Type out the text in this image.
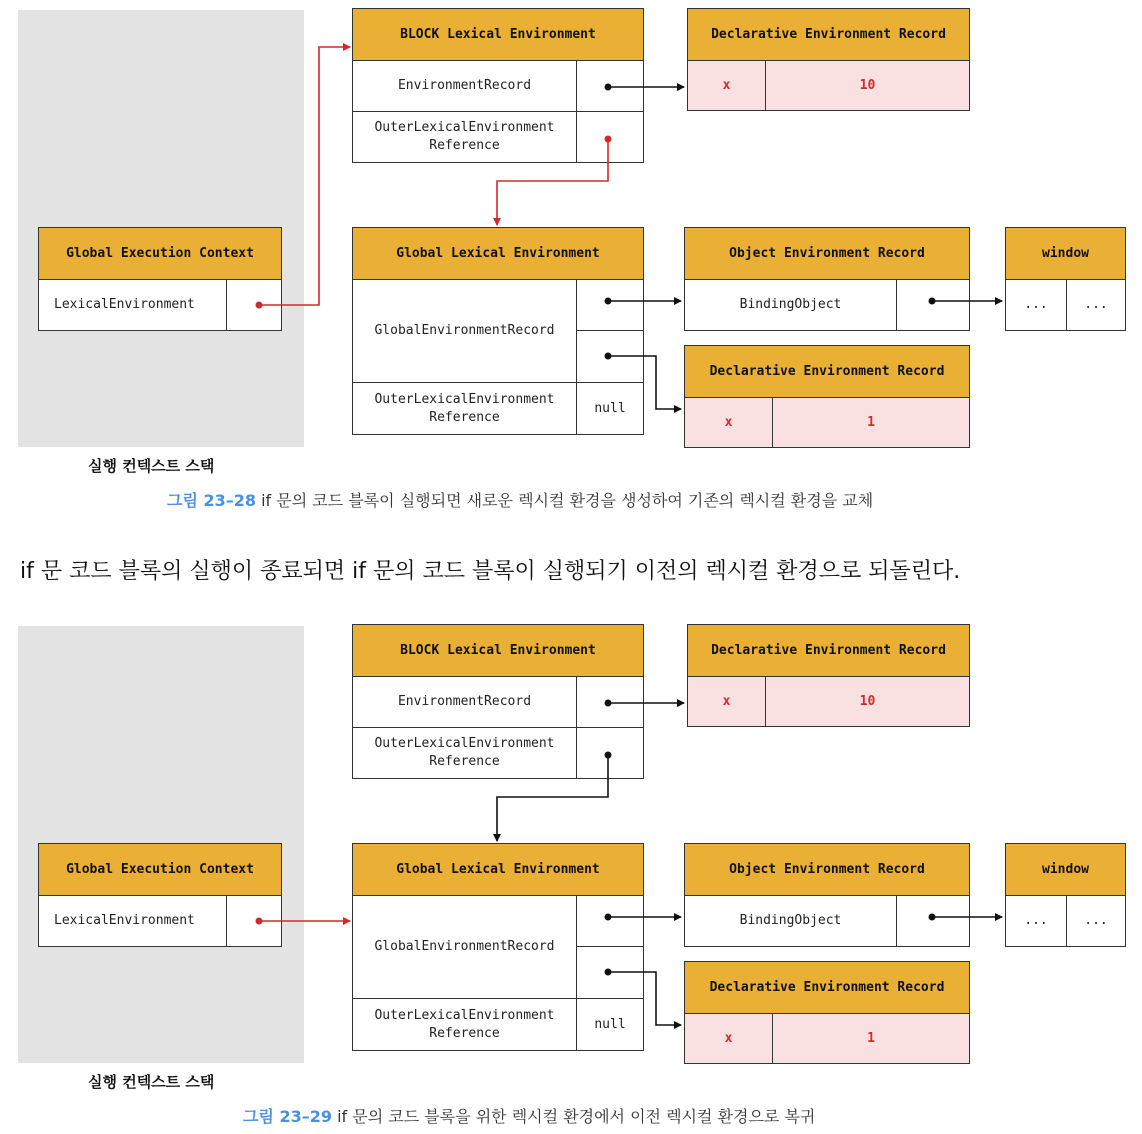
Global Execution Context
LexicalEnvironment
BLOCK Lexical Environment
EnvironmentRecord
OuterLexicalEnvironment
Reference
Declarative Environment Record
x	10
Global Lexical Environment
GlobalEnvironmentRecord
OuterLexicalEnvironment
Reference
null
Object Environment Record
BindingObject
window
...	...
Declarative Environment Record
x	1
실행 컨텍스트 스택
그림 23–28 if 문의 코드 블록이 실행되면 새로운 렉시컬 환경을 생성하여 기존의 렉시컬 환경을 교체
if 문 코드 블록의 실행이 종료되면 if 문의 코드 블록이 실행되기 이전의 렉시컬 환경으로 되돌린다.
Global Execution Context
LexicalEnvironment
BLOCK Lexical Environment
EnvironmentRecord
OuterLexicalEnvironment
Reference
Declarative Environment Record
x	10
Global Lexical Environment
GlobalEnvironmentRecord
OuterLexicalEnvironment
Reference
null
Object Environment Record
BindingObject
window
...	...
Declarative Environment Record
x	1
실행 컨텍스트 스택
그림 23–29 if 문의 코드 블록을 위한 렉시컬 환경에서 이전 렉시컬 환경으로 복귀
